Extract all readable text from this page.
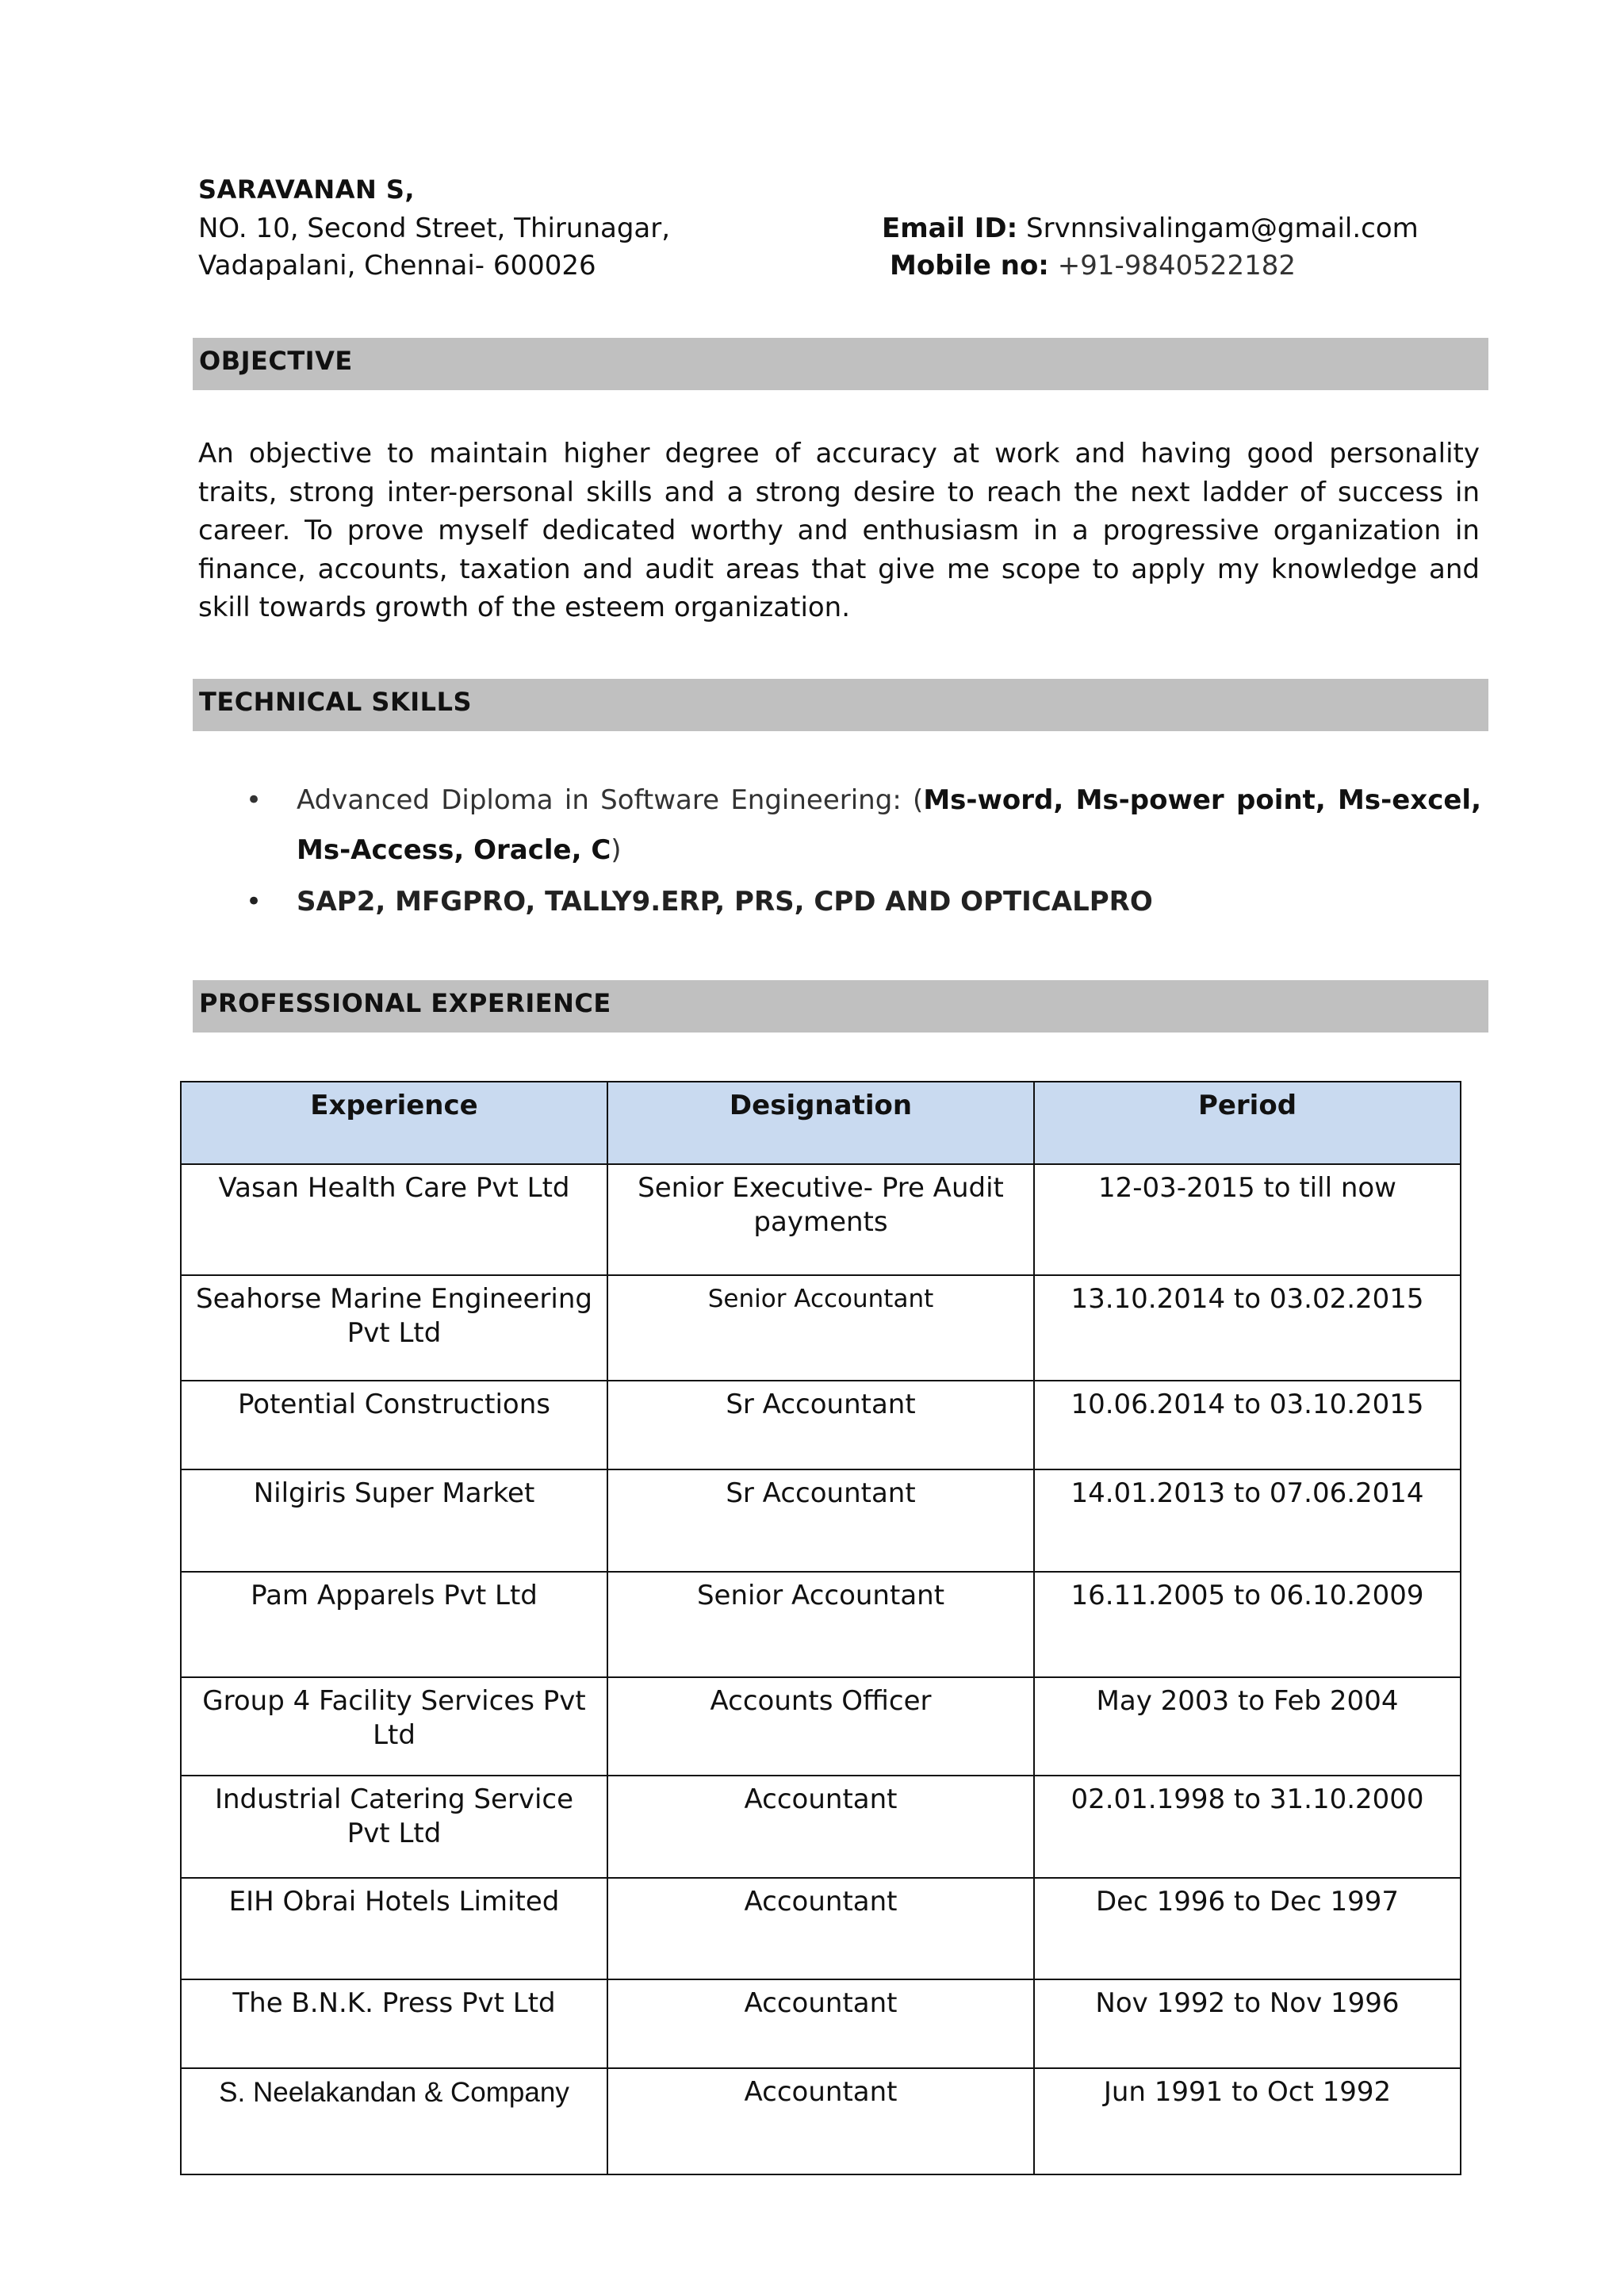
SARAVANAN S,
NO. 10, Second Street, Thirunagar,
Vadapalani, Chennai- 600026
Email ID: Srvnnsivalingam@gmail.com
Mobile no: +91-9840522182
OBJECTIVE
An objective to maintain higher degree of accuracy at work and having good personality traits, strong inter-personal skills and a strong desire to reach the next ladder of success in career. To prove myself dedicated worthy and enthusiasm in a progressive organization in finance, accounts, taxation and audit areas that give me scope to apply my knowledge and skill towards growth of the esteem organization.
TECHNICAL SKILLS
• Advanced Diploma in Software Engineering: (Ms-word, Ms-power point, Ms-excel, Ms-Access, Oracle, C)
• SAP2, MFGPRO, TALLY9.ERP, PRS, CPD AND OPTICALPRO
PROFESSIONAL EXPERIENCE
Experience	Designation	Period
Vasan Health Care Pvt Ltd	Senior Executive- Pre Audit payments	12-03-2015 to till now
Seahorse Marine Engineering Pvt Ltd	Senior Accountant	13.10.2014 to 03.02.2015
Potential Constructions	Sr Accountant	10.06.2014 to 03.10.2015
Nilgiris Super Market	Sr Accountant	14.01.2013 to 07.06.2014
Pam Apparels Pvt Ltd	Senior Accountant	16.11.2005 to 06.10.2009
Group 4 Facility Services Pvt Ltd	Accounts Officer	May 2003 to Feb 2004
Industrial Catering Service Pvt Ltd	Accountant	02.01.1998 to 31.10.2000
EIH Obrai Hotels Limited	Accountant	Dec 1996 to Dec 1997
The B.N.K. Press Pvt Ltd	Accountant	Nov 1992 to Nov 1996
S. Neelakandan & Company	Accountant	Jun 1991 to Oct 1992
